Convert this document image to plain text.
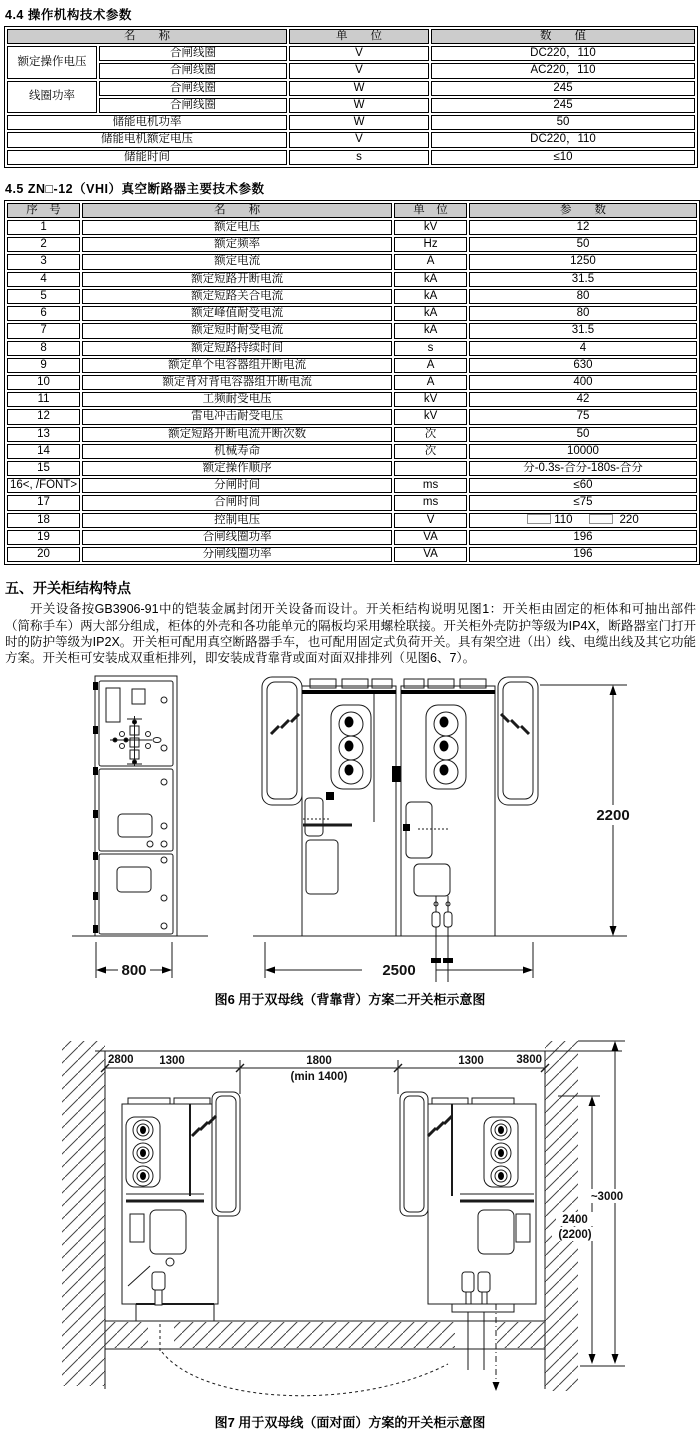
4.4 操作机构技术参数
名　　称		单　　位	数　　值
额定操作电压	合闸线圈	V	DC220，110
	合闸线圈	V	AC220，110
线圈功率	合闸线圈	W	245
	合闸线圈	W	245
储能电机功率		W	50
储能电机额定电压		V	DC220，110
储能时间		s	≤10
4.5 ZN□-12（VHI）真空断路器主要技术参数
序　号	名　　称	单　位	参　　数
1	额定电压	kV	12
2	额定频率	Hz	50
3	额定电流	A	1250
4	额定短路开断电流	kA	31.5
5	额定短路关合电流	kA	80
6	额定峰值耐受电流	kA	80
7	额定短时耐受电流	kA	31.5
8	额定短路持续时间	s	4
9	额定单个电容器组开断电流	A	630
10	额定背对背电容器组开断电流	A	400
11	工频耐受电压	kV	42
12	雷电冲击耐受电压	kV	75
13	额定短路开断电流开断次数	次	50
14	机械寿命	次	10000
15	额定操作顺序		分-0.3s-合分-180s-合分
16<, /FONT>	分闸时间	ms	≤60
17	合闸时间	ms	≤75
18	控制电压	V	110 220
19	合闸线圈功率	VA	196
20	分闸线圈功率	VA	196
五、开关柜结构特点
开关设备按GB3906-91中的铠装金属封闭开关设备而设计。开关柜结构说明见图1：开关柜由固定的柜体和可抽出部件（简称手车）两大部分组成，柜体的外壳和各功能单元的隔板均采用螺栓联接。开关柜外壳防护等级为IP4X，断路器室门打开时的防护等级为IP2X。开关柜可配用真空断路器手车，也可配用固定式负荷开关。具有架空进（出）线、电缆出线及其它功能方案。开关柜可安装成双重柜排列，即安装成背靠背或面对面双排排列（见图6、7）。
800	2500
2200
图6 用于双母线（背靠背）方案二开关柜示意图
2800 1300	1800
(min 1400)
1300	3800
~3000
2400
(2200)
图7 用于双母线（面对面）方案的开关柜示意图
